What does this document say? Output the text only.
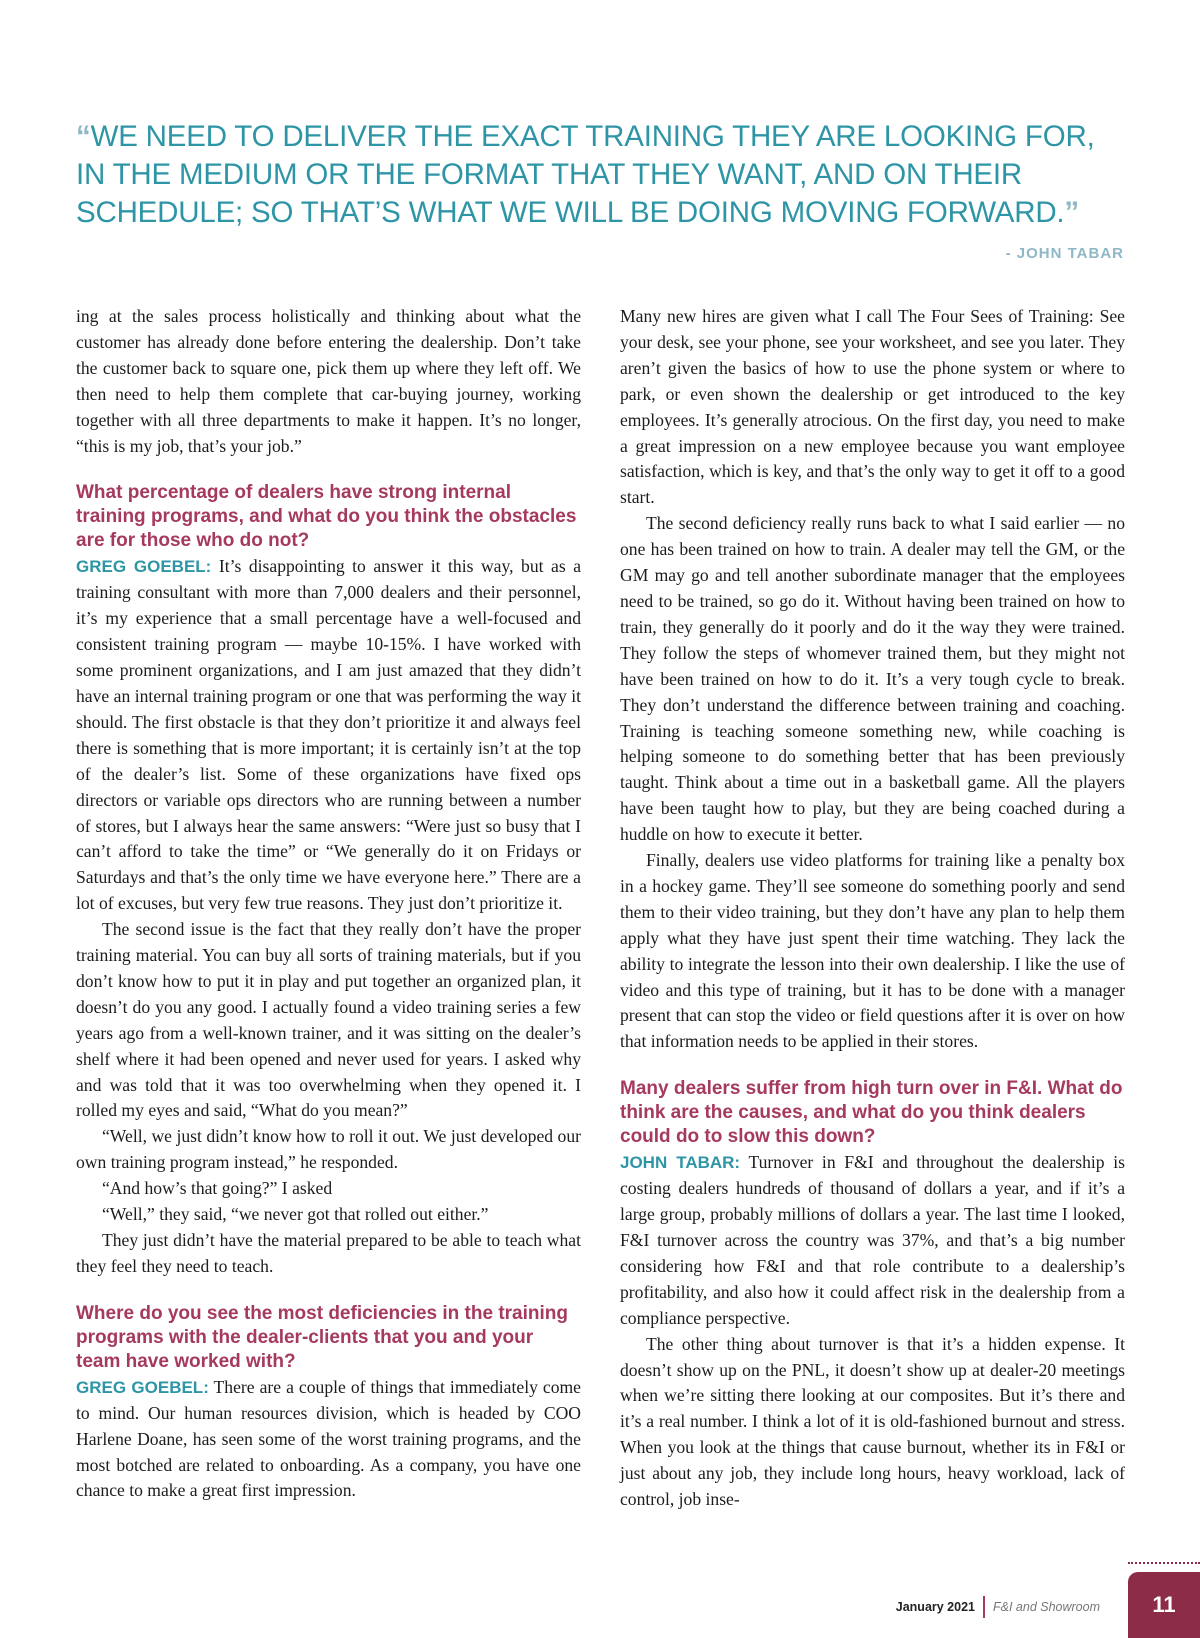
“WE NEED TO DELIVER THE EXACT TRAINING THEY ARE LOOKING FOR, IN THE MEDIUM OR THE FORMAT THAT THEY WANT, AND ON THEIR SCHEDULE; SO THAT’S WHAT WE WILL BE DOING MOVING FORWARD.”
- JOHN TABAR

ing at the sales process holistically and thinking about what the customer has already done before entering the dealership. Don’t take the customer back to square one, pick them up where they left off. We then need to help them complete that car-buying journey, working together with all three departments to make it happen. It’s no longer, “this is my job, that’s your job.”

What percentage of dealers have strong internal training programs, and what do you think the obstacles are for those who do not?

GREG GOEBEL: It’s disappointing to answer it this way, but as a training consultant with more than 7,000 dealers and their personnel, it’s my experience that a small percentage have a well-focused and consistent training program — maybe 10-15%. I have worked with some prominent organizations, and I am just amazed that they didn’t have an internal training program or one that was performing the way it should. The first obstacle is that they don’t prioritize it and always feel there is something that is more important; it is certainly isn’t at the top of the dealer’s list. Some of these organizations have fixed ops directors or variable ops directors who are running between a number of stores, but I always hear the same answers: “Were just so busy that I can’t afford to take the time” or “We generally do it on Fridays or Saturdays and that’s the only time we have everyone here.” There are a lot of excuses, but very few true reasons. They just don’t prioritize it.

The second issue is the fact that they really don’t have the proper training material. You can buy all sorts of training materials, but if you don’t know how to put it in play and put together an organized plan, it doesn’t do you any good. I actually found a video training series a few years ago from a well-known trainer, and it was sitting on the dealer’s shelf where it had been opened and never used for years. I asked why and was told that it was too overwhelming when they opened it. I rolled my eyes and said, “What do you mean?”

“Well, we just didn’t know how to roll it out. We just developed our own training program instead,” he responded.

“And how’s that going?” I asked

“Well,” they said, “we never got that rolled out either.”

They just didn’t have the material prepared to be able to teach what they feel they need to teach.

Where do you see the most deficiencies in the training programs with the dealer-clients that you and your team have worked with?

GREG GOEBEL: There are a couple of things that immediately come to mind. Our human resources division, which is headed by COO Harlene Doane, has seen some of the worst training programs, and the most botched are related to onboarding. As a company, you have one chance to make a great first impression.

Many new hires are given what I call The Four Sees of Training: See your desk, see your phone, see your worksheet, and see you later. They aren’t given the basics of how to use the phone system or where to park, or even shown the dealership or get introduced to the key employees. It’s generally atrocious. On the first day, you need to make a great impression on a new employee because you want employee satisfaction, which is key, and that’s the only way to get it off to a good start.

The second deficiency really runs back to what I said earlier — no one has been trained on how to train. A dealer may tell the GM, or the GM may go and tell another subordinate manager that the employees need to be trained, so go do it. Without having been trained on how to train, they generally do it poorly and do it the way they were trained. They follow the steps of whomever trained them, but they might not have been trained on how to do it. It’s a very tough cycle to break. They don’t understand the difference between training and coaching. Training is teaching someone something new, while coaching is helping someone to do something better that has been previously taught. Think about a time out in a basketball game. All the players have been taught how to play, but they are being coached during a huddle on how to execute it better.

Finally, dealers use video platforms for training like a penalty box in a hockey game. They’ll see someone do something poorly and send them to their video training, but they don’t have any plan to help them apply what they have just spent their time watching. They lack the ability to integrate the lesson into their own dealership. I like the use of video and this type of training, but it has to be done with a manager present that can stop the video or field questions after it is over on how that information needs to be applied in their stores.

Many dealers suffer from high turn over in F&I. What do think are the causes, and what do you think dealers could do to slow this down?

JOHN TABAR: Turnover in F&I and throughout the dealership is costing dealers hundreds of thousand of dollars a year, and if it’s a large group, probably millions of dollars a year. The last time I looked, F&I turnover across the country was 37%, and that’s a big number considering how F&I and that role contribute to a dealership’s profitability, and also how it could affect risk in the dealership from a compliance perspective.

The other thing about turnover is that it’s a hidden expense. It doesn’t show up on the PNL, it doesn’t show up at dealer-20 meetings when we’re sitting there looking at our composites. But it’s there and it’s a real number. I think a lot of it is old-fashioned burnout and stress. When you look at the things that cause burnout, whether its in F&I or just about any job, they include long hours, heavy workload, lack of control, job inse-

January 2021 F&I and Showroom	11
